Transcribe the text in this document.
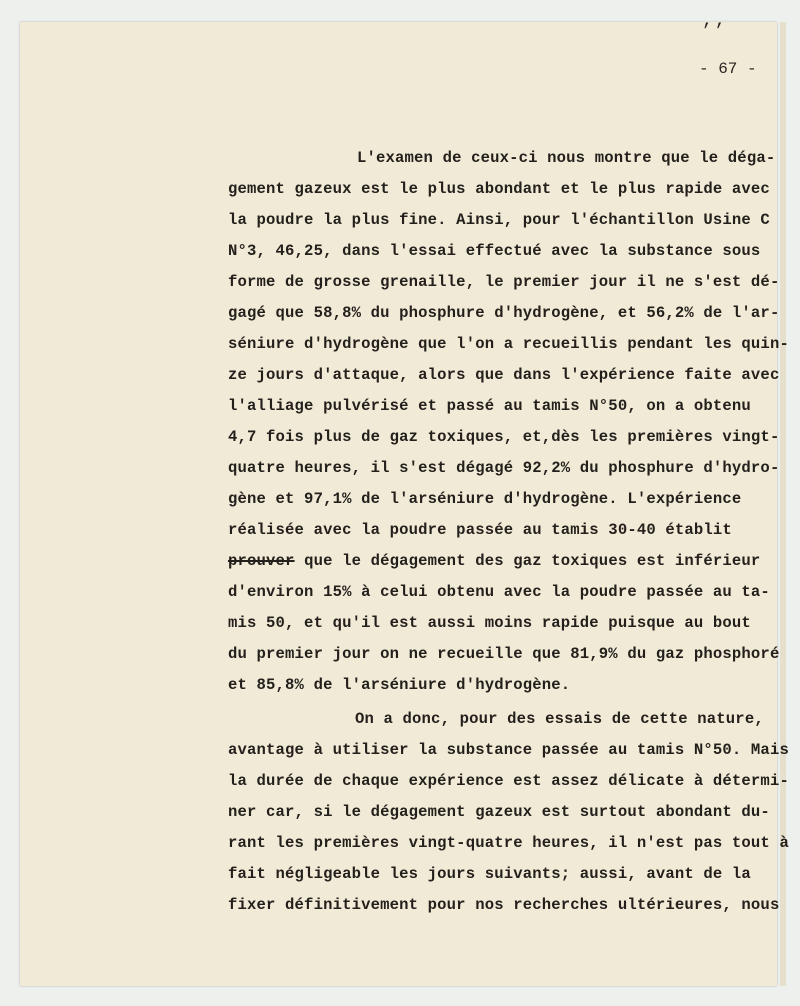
’’
- 67 -
L'examen de ceux-ci nous montre que le déga-
gement gazeux est le plus abondant et le plus rapide avec
la poudre la plus fine. Ainsi, pour l'échantillon Usine C
N°3, 46,25, dans l'essai effectué avec la substance sous
forme de grosse grenaille, le premier jour il ne s'est dé-
gagé que 58,8% du phosphure d'hydrogène, et 56,2% de l'ar-
séniure d'hydrogène que l'on a recueillis pendant les quin-
ze jours d'attaque, alors que dans l'expérience faite avec
l'alliage pulvérisé et passé au tamis N°50, on a obtenu
4,7 fois plus de gaz toxiques, et,dès les premières vingt-
quatre heures, il s'est dégagé 92,2% du phosphure d'hydro-
gène et 97,1% de l'arséniure d'hydrogène. L'expérience
réalisée avec la poudre passée au tamis 30-40 établit
prouver que le dégagement des gaz toxiques est inférieur
d'environ 15% à celui obtenu avec la poudre passée au ta-
mis 50, et qu'il est aussi moins rapide puisque au bout
du premier jour on ne recueille que 81,9% du gaz phosphoré
et 85,8% de l'arséniure d'hydrogène.
On a donc, pour des essais de cette nature,
avantage à utiliser la substance passée au tamis N°50. Mais
la durée de chaque expérience est assez délicate à détermi-
ner car, si le dégagement gazeux est surtout abondant du-
rant les premières vingt-quatre heures, il n'est pas tout à
fait négligeable les jours suivants; aussi, avant de la
fixer définitivement pour nos recherches ultérieures, nous
